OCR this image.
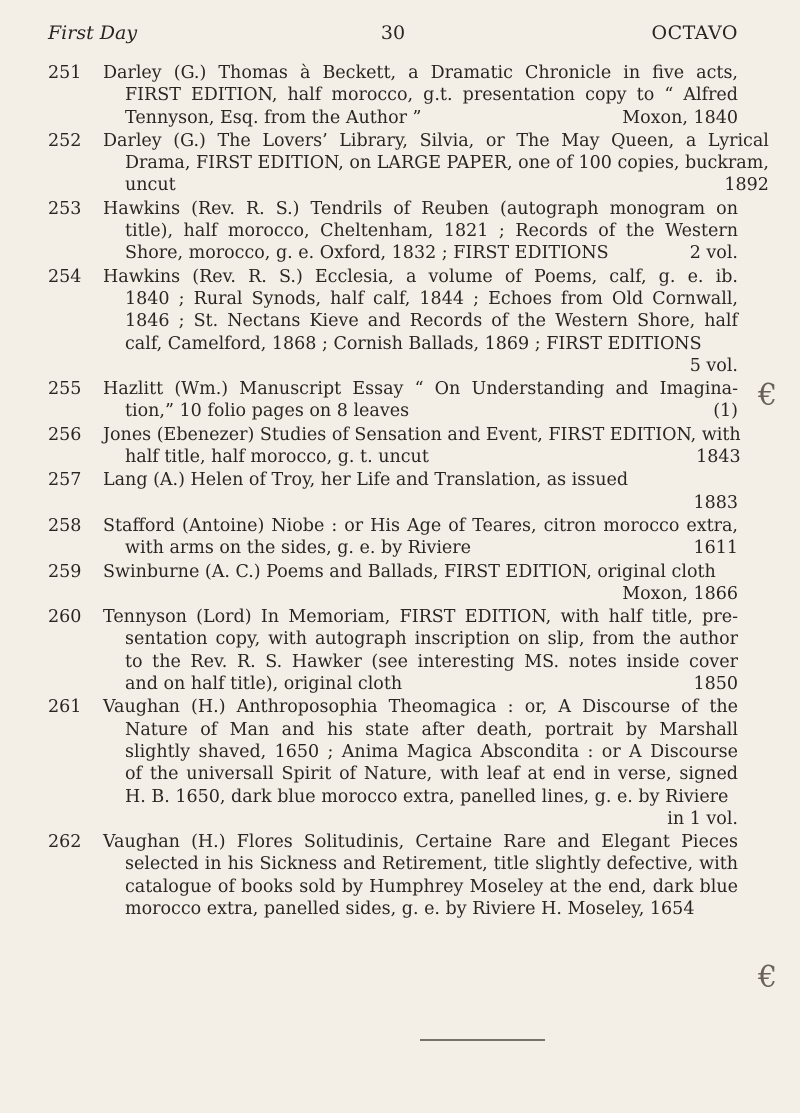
First Day	30	OCTAVO
251	Darley (G.) Thomas à Beckett, a Dramatic Chronicle in five acts,
FIRST EDITION, half morocco, g.t. presentation copy to “ Alfred
Tennyson, Esq. from the Author ”	Moxon, 1840
252	Darley (G.) The Lovers’ Library, Silvia, or The May Queen, a Lyrical
Drama, FIRST EDITION, on LARGE PAPER, one of 100 copies, buckram,
uncut	1892
253	Hawkins (Rev. R. S.) Tendrils of Reuben (autograph monogram on
title), half morocco, Cheltenham, 1821 ; Records of the Western
Shore, morocco, g. e. Oxford, 1832 ; FIRST EDITIONS	2 vol.
254	Hawkins (Rev. R. S.) Ecclesia, a volume of Poems, calf, g. e. ib.
1840 ; Rural Synods, half calf, 1844 ; Echoes from Old Cornwall,
1846 ; St. Nectans Kieve and Records of the Western Shore, half
calf, Camelford, 1868 ; Cornish Ballads, 1869 ; FIRST EDITIONS
5 vol.
255	Hazlitt (Wm.) Manuscript Essay “ On Understanding and Imagina-
tion,” 10 folio pages on 8 leaves	(1)
256	Jones (Ebenezer) Studies of Sensation and Event, FIRST EDITION, with
half title, half morocco, g. t. uncut	1843
257	Lang (A.) Helen of Troy, her Life and Translation, as issued
1883
258	Stafford (Antoine) Niobe : or His Age of Teares, citron morocco extra,
with arms on the sides, g. e. by Riviere	1611
259	Swinburne (A. C.) Poems and Ballads, FIRST EDITION, original cloth
Moxon, 1866
260	Tennyson (Lord) In Memoriam, FIRST EDITION, with half title, pre-
sentation copy, with autograph inscription on slip, from the author
to the Rev. R. S. Hawker (see interesting MS. notes inside cover
and on half title), original cloth	1850
261	Vaughan (H.) Anthroposophia Theomagica : or, A Discourse of the
Nature of Man and his state after death, portrait by Marshall
slightly shaved, 1650 ; Anima Magica Abscondita : or A Discourse
of the universall Spirit of Nature, with leaf at end in verse, signed
H. B. 1650, dark blue morocco extra, panelled lines, g. e. by Riviere
in 1 vol.
262	Vaughan (H.) Flores Solitudinis, Certaine Rare and Elegant Pieces
selected in his Sickness and Retirement, title slightly defective, with
catalogue of books sold by Humphrey Moseley at the end, dark blue
morocco extra, panelled sides, g. e. by Riviere H. Moseley, 1654
€
€
